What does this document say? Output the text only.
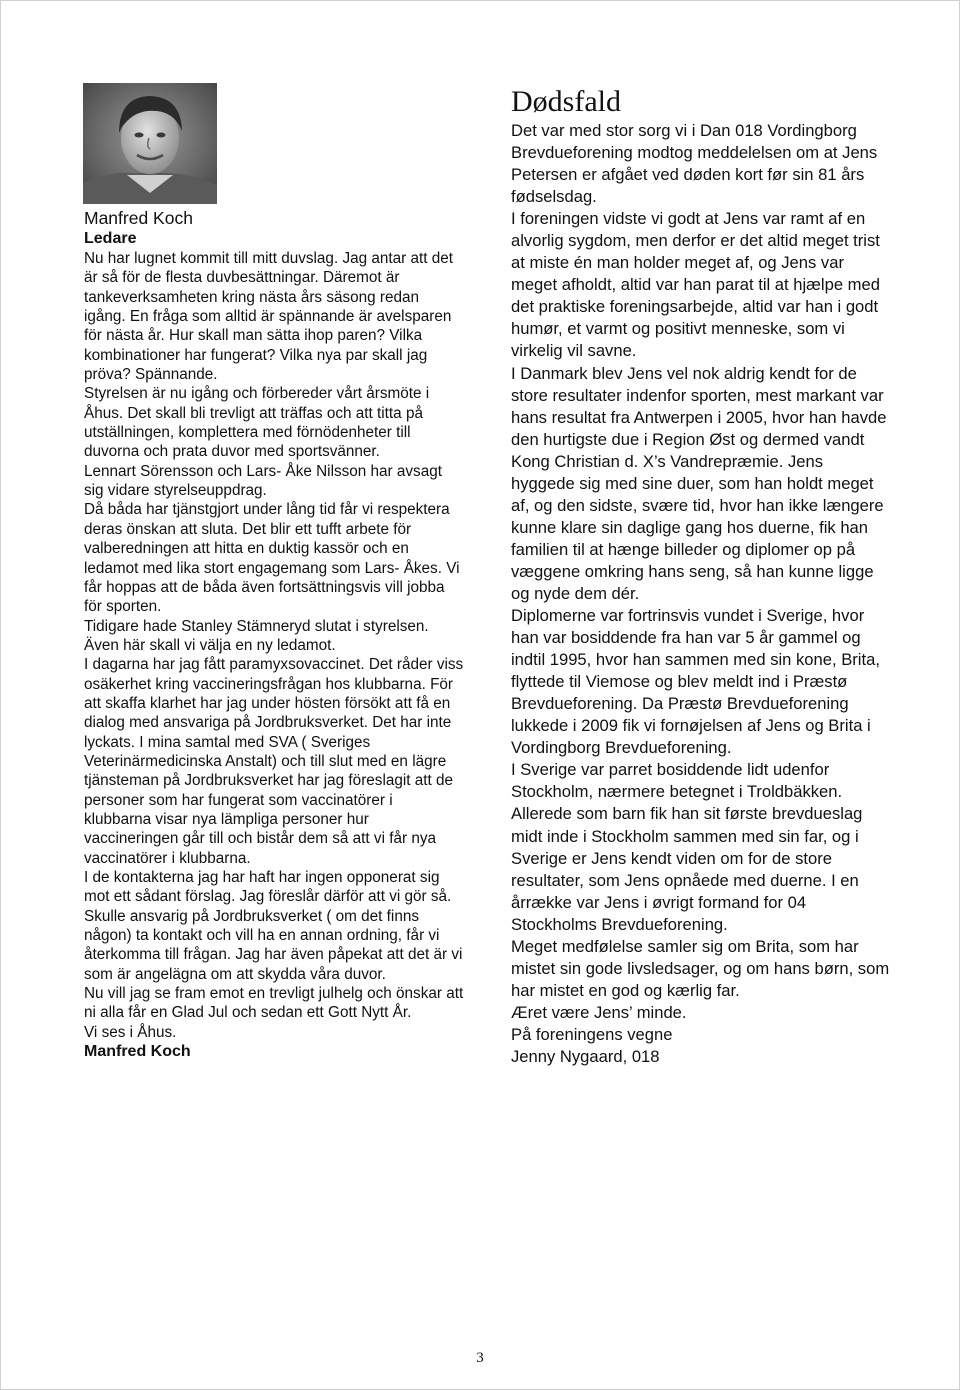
Manfred Koch
Ledare

Nu har lugnet kommit till mitt duvslag. Jag antar att det är så för de flesta duvbesättningar. Däremot är tankeverksamheten kring nästa års säsong redan igång. En fråga som alltid är spännande är avelsparen för nästa år. Hur skall man sätta ihop paren? Vilka kombinationer har fungerat? Vilka nya par skall jag pröva? Spännande.

Styrelsen är nu igång och förbereder vårt årsmöte i Åhus. Det skall bli trevligt att träffas och att titta på utställningen, komplettera med förnödenheter till duvorna och prata duvor med sportsvänner.

Lennart Sörensson och Lars- Åke Nilsson har avsagt sig vidare styrelseuppdrag.

Då båda har tjänstgjort under lång tid får vi respektera deras önskan att sluta. Det blir ett tufft arbete för valberedningen att hitta en duktig kassör och en ledamot med lika stort engagemang som Lars- Åkes. Vi får hoppas att de båda även fortsättningsvis vill jobba för sporten.

Tidigare hade Stanley Stämneryd slutat i styrelsen. Även här skall vi välja en ny ledamot.

I dagarna har jag fått paramyxsovaccinet. Det råder viss osäkerhet kring vaccineringsfrågan hos klubbarna. För att skaffa klarhet har jag under hösten försökt att få en dialog med ansvariga på Jordbruksverket. Det har inte lyckats. I mina samtal med SVA ( Sveriges Veterinärmedicinska Anstalt) och till slut med en lägre tjänsteman på Jordbruksverket har jag föreslagit att de personer som har fungerat som vaccinatörer i klubbarna visar nya lämpliga personer hur vaccineringen går till och bistår dem så att vi får nya vaccinatörer i klubbarna.

I de kontakterna jag har haft har ingen opponerat sig mot ett sådant förslag. Jag föreslår därför att vi gör så. Skulle ansvarig på Jordbruksverket ( om det finns någon) ta kontakt och vill ha en annan ordning, får vi återkomma till frågan. Jag har även påpekat att det är vi som är angelägna om att skydda våra duvor.

Nu vill jag se fram emot en trevligt julhelg och önskar att ni alla får en Glad Jul och sedan ett Gott Nytt År.

Vi ses i Åhus.

Manfred Koch
Dødsfald

Det var med stor sorg vi i Dan 018 Vordingborg Brevdueforening modtog meddelelsen om at Jens Petersen er afgået ved døden kort før sin 81 års fødselsdag.

I foreningen vidste vi godt at Jens var ramt af en alvorlig sygdom, men derfor er det altid meget trist at miste én man holder meget af, og Jens var meget afholdt, altid var han parat til at hjælpe med det praktiske foreningsarbejde, altid var han i godt humør, et varmt og positivt menneske, som vi virkelig vil savne.

I Danmark blev Jens vel nok aldrig kendt for de store resultater indenfor sporten, mest markant var hans resultat fra Antwerpen i 2005, hvor han havde den hurtigste due i Region Øst og dermed vandt Kong Christian d. X’s Vandrepræmie. Jens hyggede sig med sine duer, som han holdt meget af, og den sidste, svære tid, hvor han ikke længere kunne klare sin daglige gang hos duerne, fik han familien til at hænge billeder og diplomer op på væggene omkring hans seng, så han kunne ligge og nyde dem dér.

Diplomerne var fortrinsvis vundet i Sverige, hvor han var bosiddende fra han var 5 år gammel og indtil 1995, hvor han sammen med sin kone, Brita, flyttede til Viemose og blev meldt ind i Præstø Brevdueforening. Da Præstø Brevdueforening lukkede i 2009 fik vi fornøjelsen af Jens og Brita i Vordingborg Brevdueforening.

I Sverige var parret bosiddende lidt udenfor Stockholm, nærmere betegnet i Troldbäkken. Allerede som barn fik han sit første brevdueslag midt inde i Stockholm sammen med sin far, og i Sverige er Jens kendt viden om for de store resultater, som Jens opnåede med duerne. I en årrække var Jens i øvrigt formand for 04 Stockholms Brevdueforening.

Meget medfølelse samler sig om Brita, som har mistet sin gode livsledsager, og om hans børn, som har mistet en god og kærlig far.

Æret være Jens’ minde.

På foreningens vegne

Jenny Nygaard, 018

3
